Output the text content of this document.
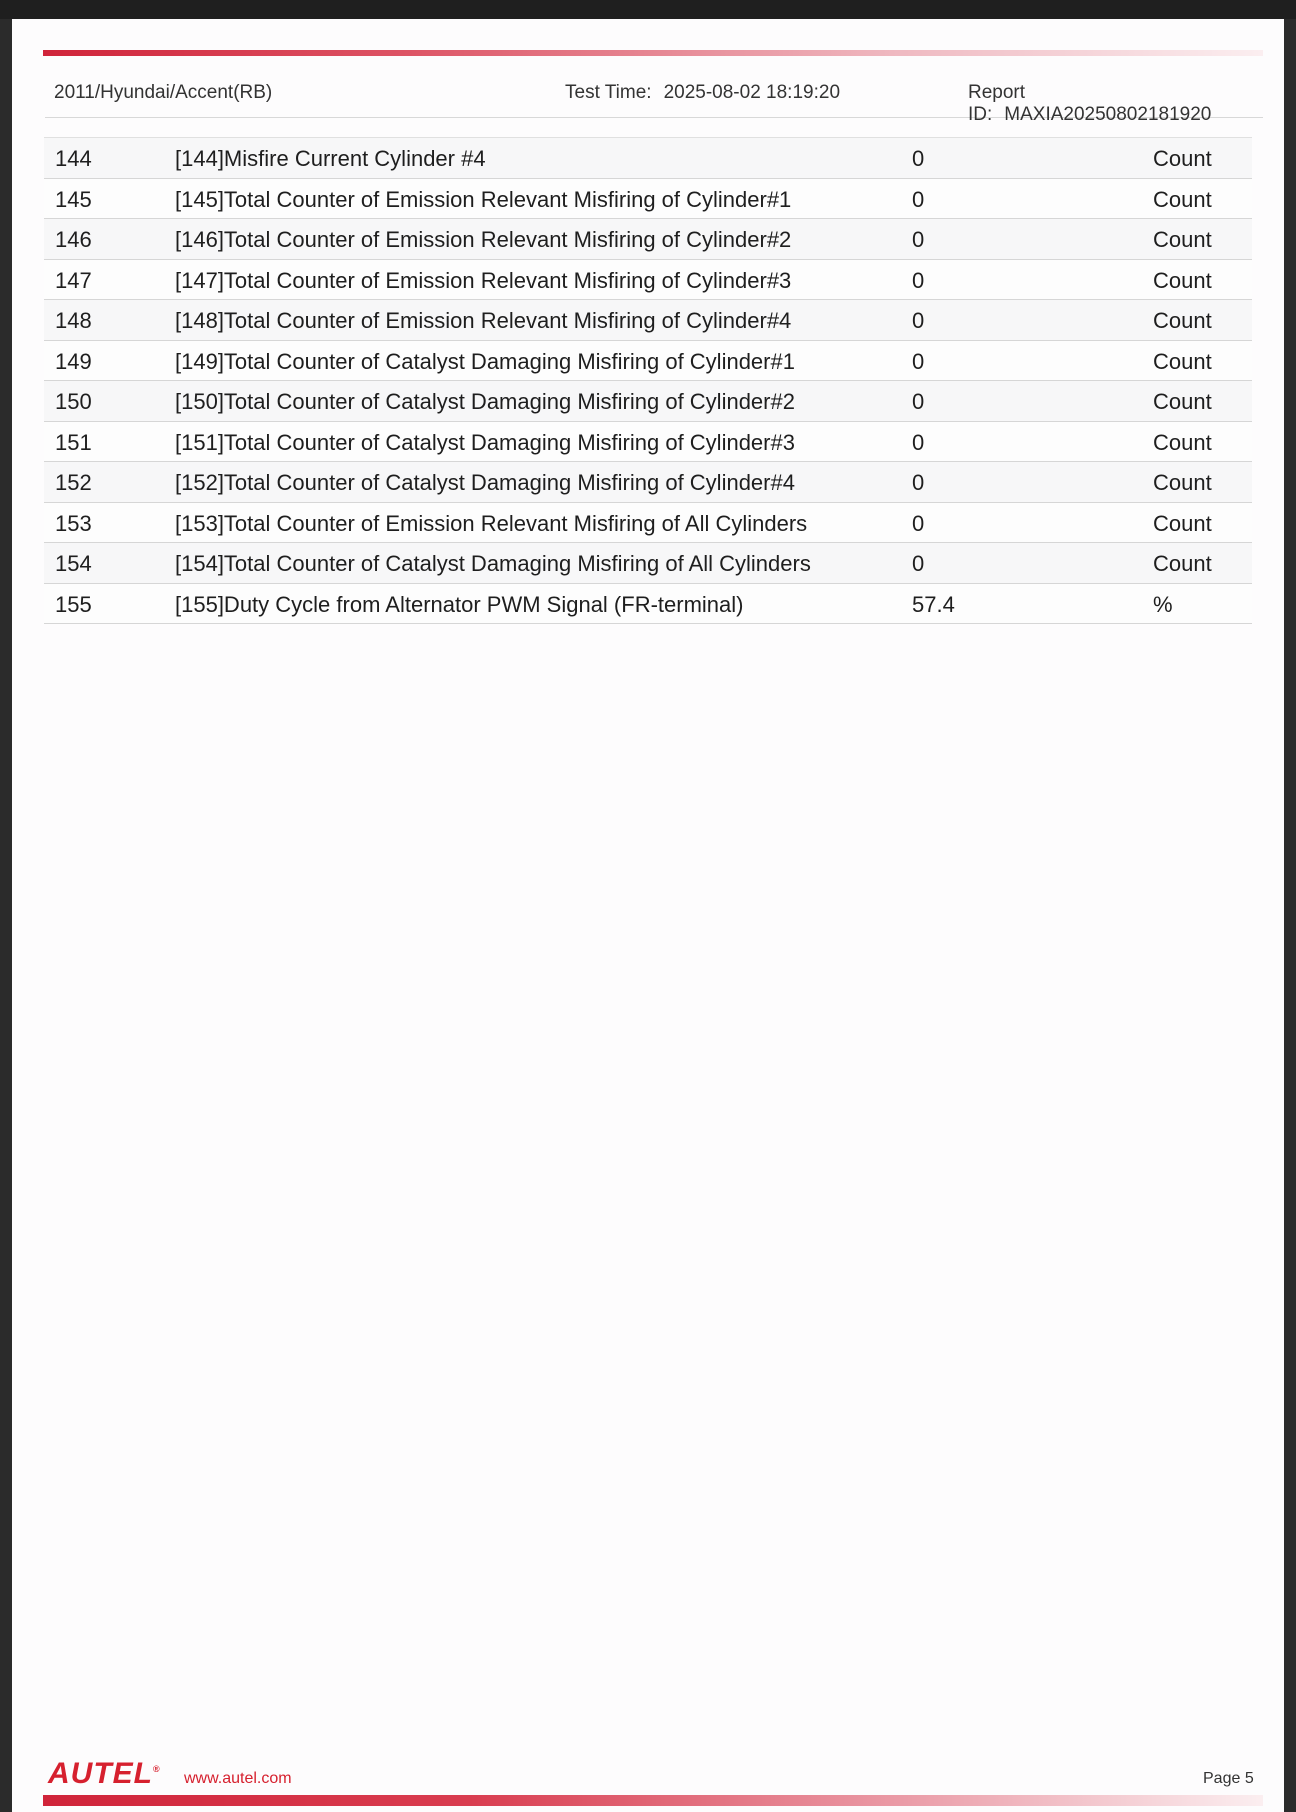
2011/Hyundai/Accent(RB)	Test Time: 2025-08-02 18:19:20	Report ID: MAXIA20250802181920
144	[144]Misfire Current Cylinder #4	0	Count
145	[145]Total Counter of Emission Relevant Misfiring of Cylinder#1	0	Count
146	[146]Total Counter of Emission Relevant Misfiring of Cylinder#2	0	Count
147	[147]Total Counter of Emission Relevant Misfiring of Cylinder#3	0	Count
148	[148]Total Counter of Emission Relevant Misfiring of Cylinder#4	0	Count
149	[149]Total Counter of Catalyst Damaging Misfiring of Cylinder#1	0	Count
150	[150]Total Counter of Catalyst Damaging Misfiring of Cylinder#2	0	Count
151	[151]Total Counter of Catalyst Damaging Misfiring of Cylinder#3	0	Count
152	[152]Total Counter of Catalyst Damaging Misfiring of Cylinder#4	0	Count
153	[153]Total Counter of Emission Relevant Misfiring of All Cylinders	0	Count
154	[154]Total Counter of Catalyst Damaging Misfiring of All Cylinders	0	Count
155	[155]Duty Cycle from Alternator PWM Signal (FR-terminal)	57.4	%
AUTEL®
www.autel.com	Page 5
